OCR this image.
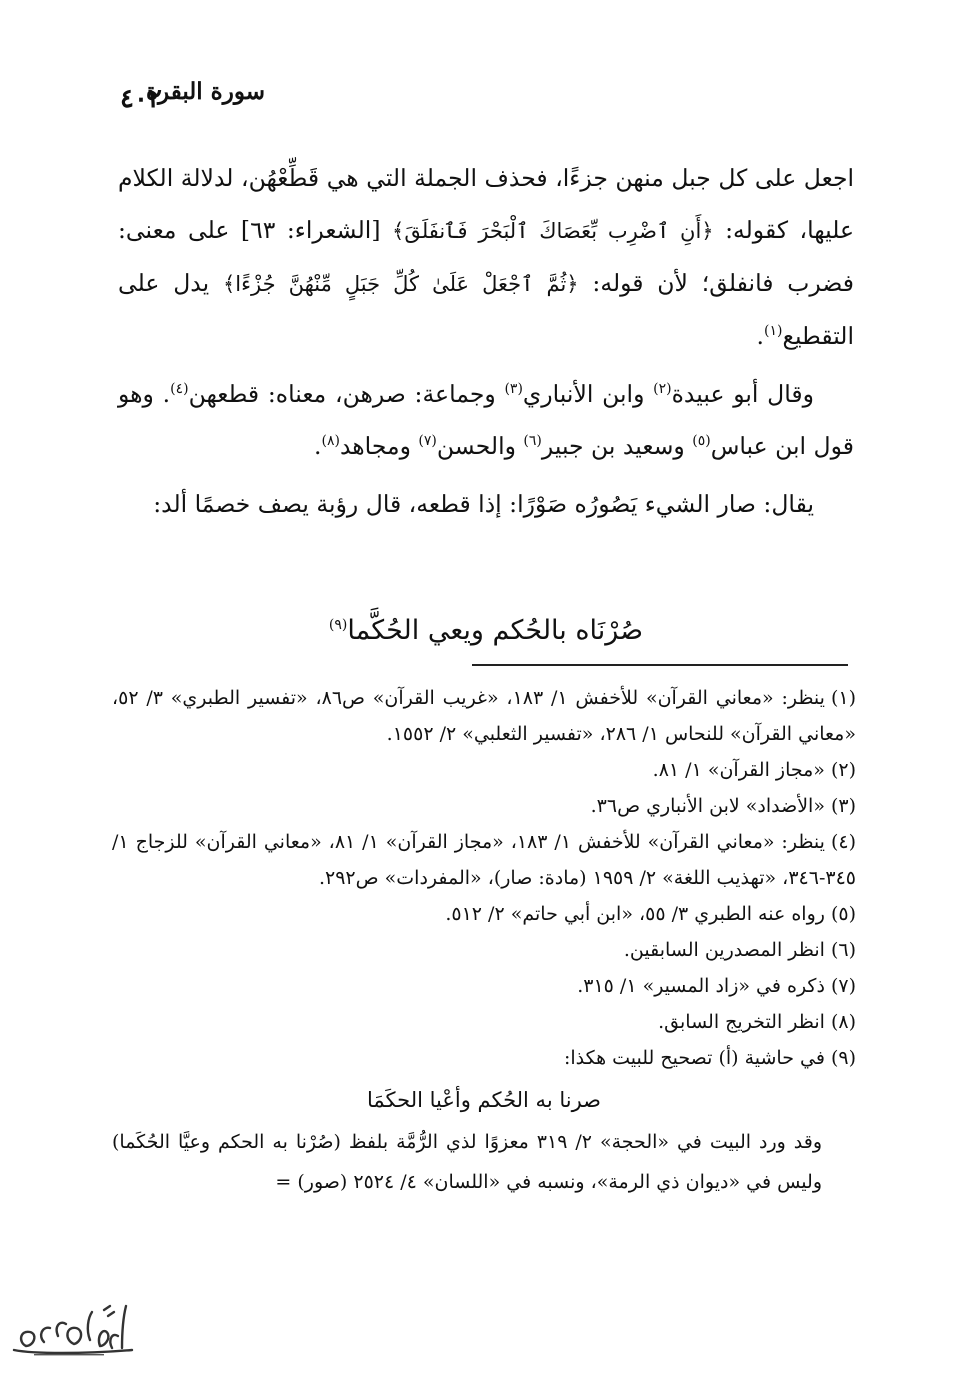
٤٠٢
سورة البقرة

اجعل على كل جبل منهن جزءًا، فحذف الجملة التي هي قَطِّعْهُن، لدلالة الكلام عليها، كقوله: ﴿أَنِ ٱضْرِب بِّعَصَاكَ ٱلْبَحْرَ فَٱنفَلَقَ﴾ [الشعراء: ٦٣] على معنى: فضرب فانفلق؛ لأن قوله: ﴿ثُمَّ ٱجْعَلْ عَلَىٰ كُلِّ جَبَلٍ مِّنْهُنَّ جُزْءًا﴾ يدل على التقطيع$^{(١)}$.

وقال أبو عبيدة$^{(٢)}$ وابن الأنباري$^{(٣)}$ وجماعة: صرهن، معناه: قطعهن$^{(٤)}$. وهو قول ابن عباس$^{(٥)}$ وسعيد بن جبير$^{(٦)}$ والحسن$^{(٧)}$ ومجاهد$^{(٨)}$.

يقال: صار الشيء يَصُورُه صَوْرًا: إذا قطعه، قال رؤبة يصف خصمًا ألد:

صُرْنَاه بالحُكم ويعي الحُكَّما$^{(٩)}$

(١)ينظر: «معاني القرآن» للأخفش ١/ ١٨٣، «غريب القرآن» ص٨٦، «تفسير الطبري» ٣/ ٥٢، «معاني القرآن» للنحاس ١/ ٢٨٦، «تفسير الثعلبي» ٢/ ١٥٥٢.

(٢)«مجاز القرآن» ١/ ٨١.

(٣)«الأضداد» لابن الأنباري ص٣٦.

(٤)ينظر: «معاني القرآن» للأخفش ١/ ١٨٣، «مجاز القرآن» ١/ ٨١، «معاني القرآن» للزجاج ١/ ٣٤٥-٣٤٦، «تهذيب اللغة» ٢/ ١٩٥٩ (مادة: صار)، «المفردات» ص٢٩٢.

(٥)رواه عنه الطبري ٣/ ٥٥، «ابن أبي حاتم» ٢/ ٥١٢.

(٦)انظر المصدرين السابقين.

(٧)ذكره في «زاد المسير» ١/ ٣١٥.

(٨)انظر التخريج السابق.

(٩)في حاشية (أ) تصحيح للبيت هكذا:

صرنا به الحُكم وأعْيا الحكَمَا

وقد ورد البيت في «الحجة» ٢/ ٣١٩ معزوًا لذي الرُّمَّة بلفظ (صُرْنا به الحكم وعيَّا الحُكَما) وليس في «ديوان ذي الرمة»، ونسبه في «اللسان» ٤/ ٢٥٢٤ (صور) =
